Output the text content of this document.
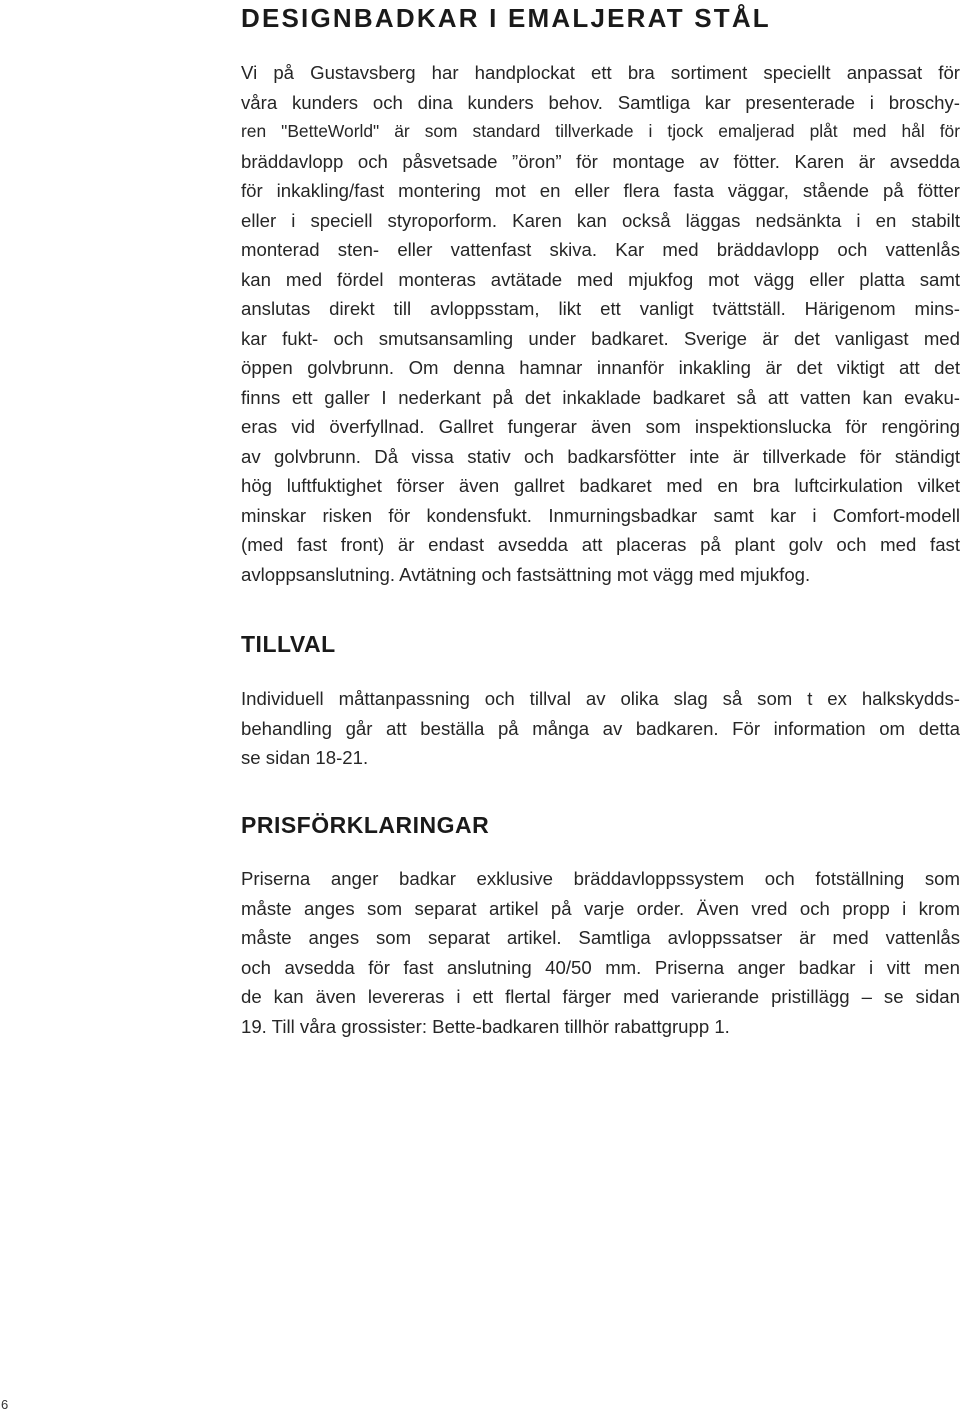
DESIGNBADKAR I EMALJERAT STÅL
Vi på Gustavsberg har handplockat ett bra sortiment speciellt anpassat för
våra kunders och dina kunders behov. Samtliga kar presenterade i broschy-
ren "BetteWorld" är som standard tillverkade i tjock emaljerad plåt med hål för
bräddavlopp och påsvetsade ”öron” för montage av fötter. Karen är avsedda
för inkakling/fast montering mot en eller flera fasta väggar, stående på fötter
eller i speciell styroporform. Karen kan också läggas nedsänkta i en stabilt
monterad sten- eller vattenfast skiva. Kar med bräddavlopp och vattenlås
kan med fördel monteras avtätade med mjukfog mot vägg eller platta samt
anslutas direkt till avloppsstam, likt ett vanligt tvättställ. Härigenom mins-
kar fukt- och smutsansamling under badkaret. Sverige är det vanligast med
öppen golvbrunn. Om denna hamnar innanför inkakling är det viktigt att det
finns ett galler I nederkant på det inkaklade badkaret så att vatten kan evaku-
eras vid överfyllnad. Gallret fungerar även som inspektionslucka för rengöring
av golvbrunn. Då vissa stativ och badkarsfötter inte är tillverkade för ständigt
hög luftfuktighet förser även gallret badkaret med en bra luftcirkulation vilket
minskar risken för kondensfukt. Inmurningsbadkar samt kar i Comfort-modell
(med fast front) är endast avsedda att placeras på plant golv och med fast
avloppsanslutning. Avtätning och fastsättning mot vägg med mjukfog.
TILLVAL
Individuell måttanpassning och tillval av olika slag så som t ex halkskydds-
behandling går att beställa på många av badkaren. För information om detta
se sidan 18-21.
PRISFÖRKLARINGAR
Priserna anger badkar exklusive bräddavloppssystem och fotställning som
måste anges som separat artikel på varje order. Även vred och propp i krom
måste anges som separat artikel. Samtliga avloppssatser är med vattenlås
och avsedda för fast anslutning 40/50 mm. Priserna anger badkar i vitt men
de kan även levereras i ett flertal färger med varierande pristillägg – se sidan
19. Till våra grossister: Bette-badkaren tillhör rabattgrupp 1.
6
